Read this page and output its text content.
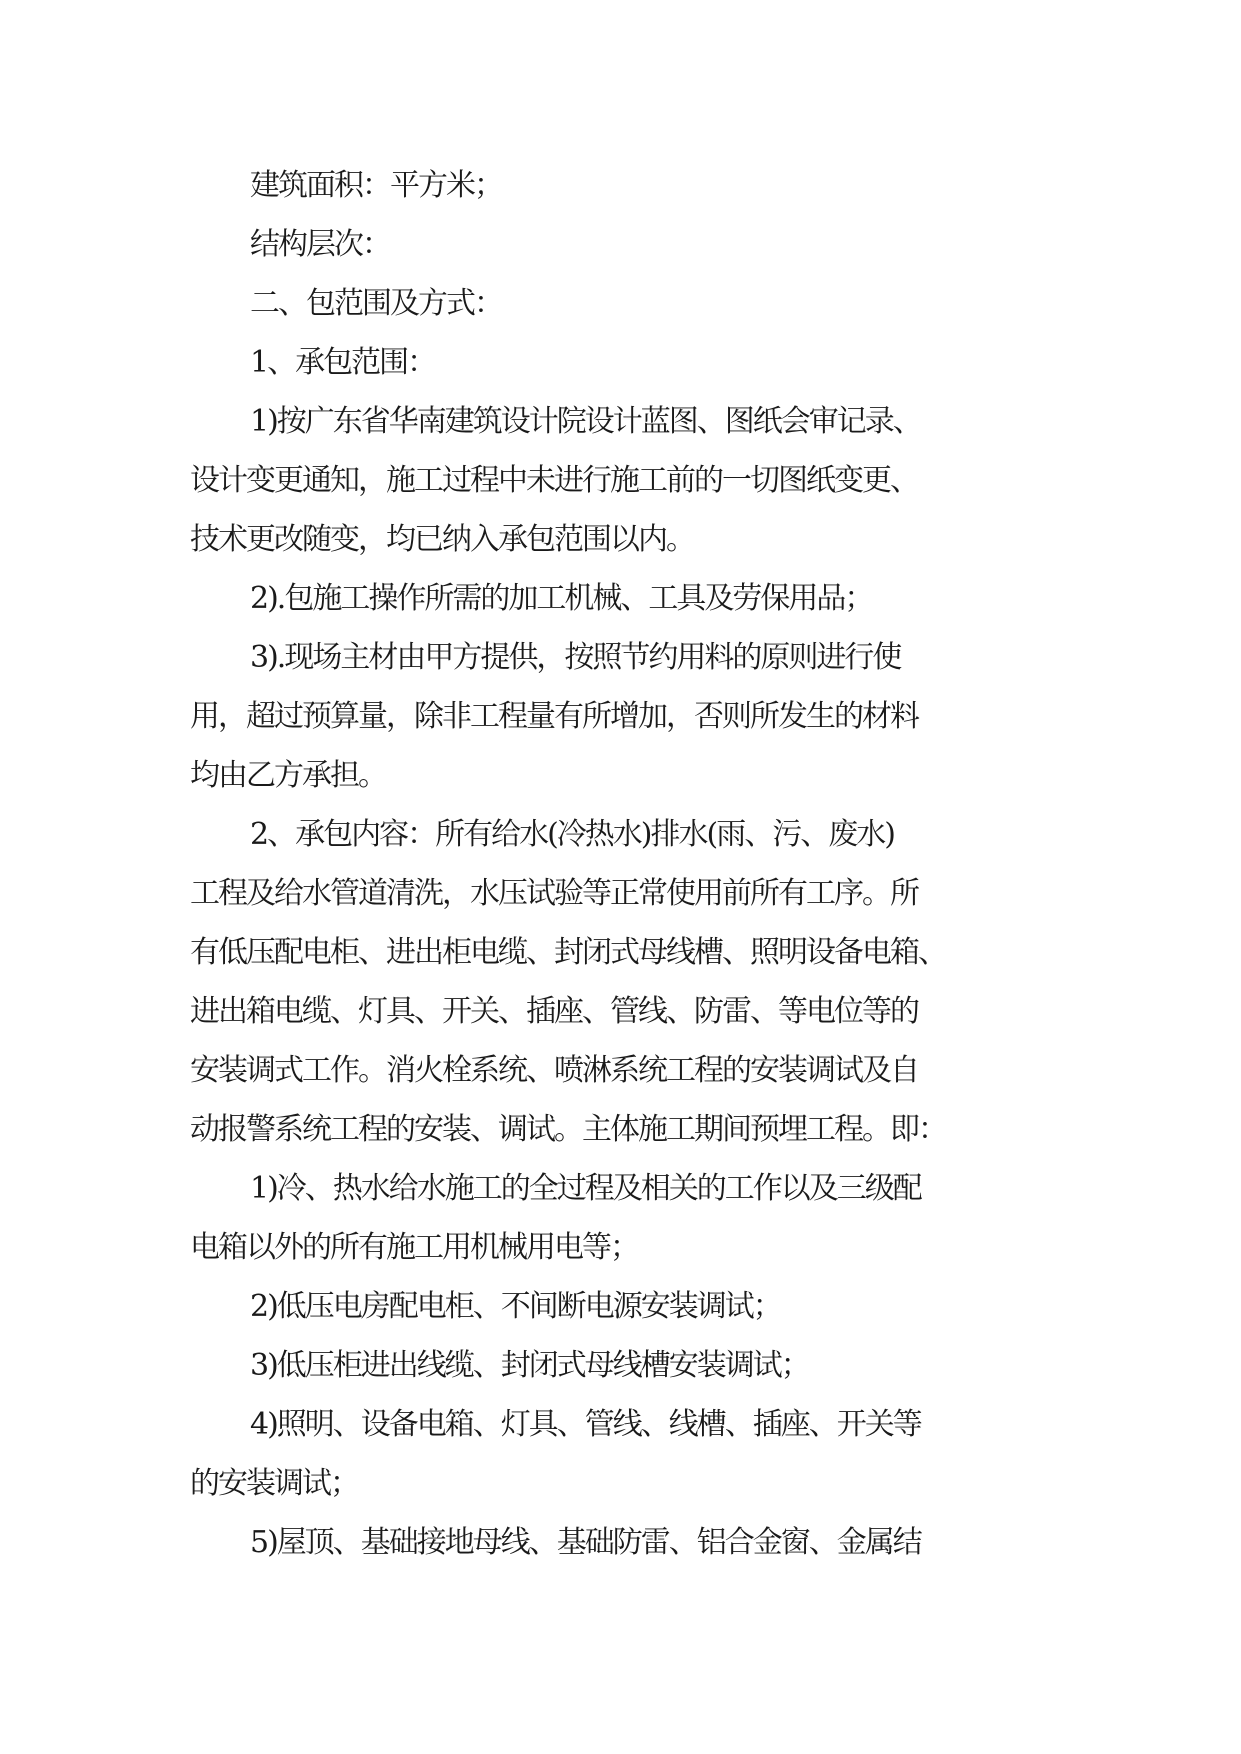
建筑面积：平方米；

结构层次：

二、包范围及方式：

1、承包范围：

1)按广东省华南建筑设计院设计蓝图、图纸会审记录、
设计变更通知，施工过程中未进行施工前的一切图纸变更、
技术更改随变，均已纳入承包范围以内。

2).包施工操作所需的加工机械、工具及劳保用品；

3).现场主材由甲方提供，按照节约用料的原则进行使
用，超过预算量，除非工程量有所增加，否则所发生的材料
均由乙方承担。

2、承包内容：所有给水(冷热水)排水(雨、污、废水)
工程及给水管道清洗，水压试验等正常使用前所有工序。所
有低压配电柜、进出柜电缆、封闭式母线槽、照明设备电箱、
进出箱电缆、灯具、开关、插座、管线、防雷、等电位等的
安装调式工作。消火栓系统、喷淋系统工程的安装调试及自
动报警系统工程的安装、调试。主体施工期间预埋工程。即：

1)冷、热水给水施工的全过程及相关的工作以及三级配
电箱以外的所有施工用机械用电等；

2)低压电房配电柜、不间断电源安装调试；

3)低压柜进出线缆、封闭式母线槽安装调试；

4)照明、设备电箱、灯具、管线、线槽、插座、开关等
的安装调试；

5)屋顶、基础接地母线、基础防雷、铝合金窗、金属结
